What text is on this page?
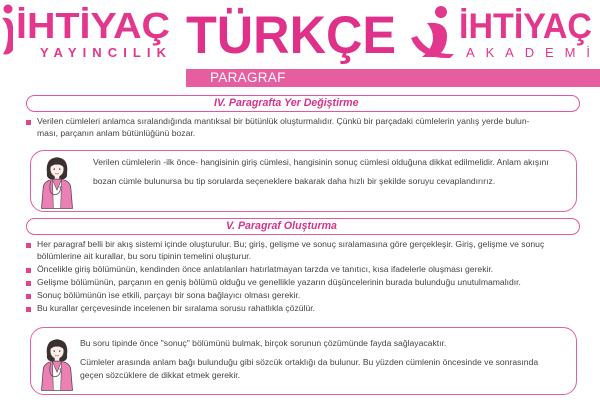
İHTİYAÇ
YAYINCILIK TÜRKÇE İHTİYAÇ
AKADEMİ
PARAGRAF
IV. Paragrafta Yer Değiştirme
Verilen cümleleri anlamca sıralandığında mantıksal bir bütünlük oluşturmalıdır. Çünkü bir parçadaki cümlelerin yanlış yerde bulun-
ması, parçanın anlam bütünlüğünü bozar.
Verilen cümlelerin -ilk önce- hangisinin giriş cümlesi, hangisinin sonuç cümlesi olduğuna dikkat edilmelidir. Anlam akışını
bozan cümle bulunursa bu tip sorularda seçeneklere bakarak daha hızlı bir şekilde soruyu cevaplandırırız.
V. Paragraf Oluşturma
Her paragraf belli bir akış sistemi içinde oluşturulur. Bu; giriş, gelişme ve sonuç sıralamasına göre gerçekleşir. Giriş, gelişme ve sonuç
bölümlerine ait kurallar, bu soru tipinin temelini oluşturur.
Öncelikle giriş bölümünün, kendinden önce anlatılanları hatırlatmayan tarzda ve tanıtıcı, kısa ifadelerle oluşması gerekir.
Gelişme bölümünün, parçanın en geniş bölümü olduğu ve genellikle yazarın düşüncelerinin burada bulunduğu unutulmamalıdır.
Sonuç bölümünün ise etkili, parçayı bir sona bağlayıcı olması gerekir.
Bu kurallar çerçevesinde incelenen bir sıralama sorusu rahatlıkla çözülür.
Bu soru tipinde önce "sonuç" bölümünü bulmak, birçok sorunun çözümünde fayda sağlayacaktır.
Cümleler arasında anlam bağı bulunduğu gibi sözcük ortaklığı da bulunur. Bu yüzden cümlenin öncesinde ve sonrasında
geçen sözcüklere de dikkat etmek gerekir.
